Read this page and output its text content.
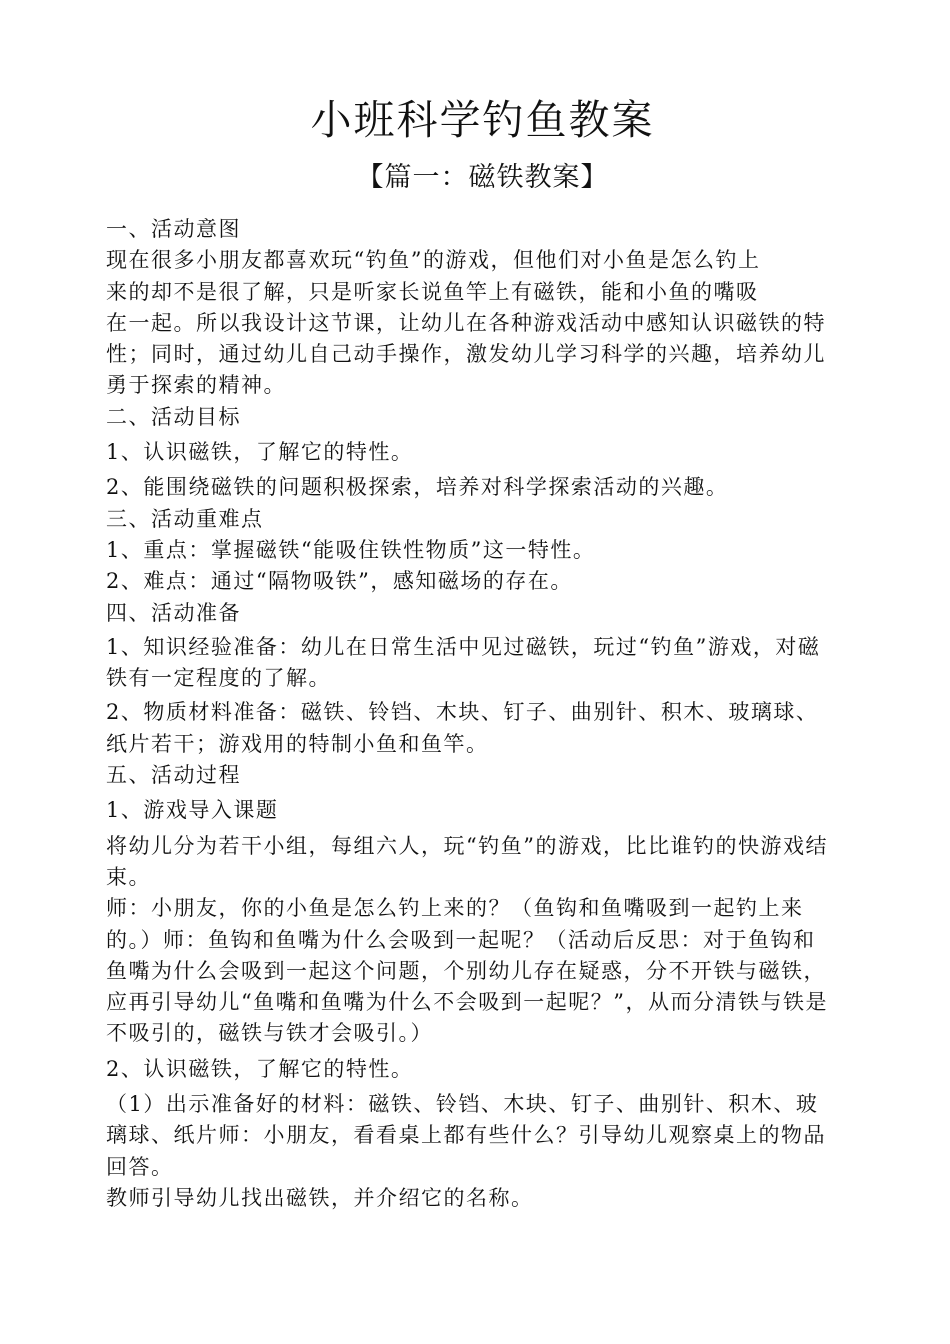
小班科学钓鱼教案
【篇一：磁铁教案】
一、活动意图
现在很多小朋友都喜欢玩“钓鱼”的游戏，但他们对小鱼是怎么钓上
来的却不是很了解，只是听家长说鱼竿上有磁铁，能和小鱼的嘴吸
在一起。所以我设计这节课，让幼儿在各种游戏活动中感知认识磁铁的特
性；同时，通过幼儿自己动手操作，激发幼儿学习科学的兴趣，培养幼儿
勇于探索的精神。
二、活动目标
1、认识磁铁，了解它的特性。
2、能围绕磁铁的问题积极探索，培养对科学探索活动的兴趣。
三、活动重难点
1、重点：掌握磁铁“能吸住铁性物质”这一特性。
2、难点：通过“隔物吸铁”，感知磁场的存在。
四、活动准备
1、知识经验准备：幼儿在日常生活中见过磁铁，玩过“钓鱼”游戏，对磁
铁有一定程度的了解。
2、物质材料准备：磁铁、铃铛、木块、钉子、曲别针、积木、玻璃球、
纸片若干；游戏用的特制小鱼和鱼竿。
五、活动过程
1、游戏导入课题
将幼儿分为若干小组，每组六人，玩“钓鱼”的游戏，比比谁钓的快游戏结
束。
师：小朋友，你的小鱼是怎么钓上来的？（鱼钩和鱼嘴吸到一起钓上来
的。）师：鱼钩和鱼嘴为什么会吸到一起呢？（活动后反思：对于鱼钩和
鱼嘴为什么会吸到一起这个问题，个别幼儿存在疑惑，分不开铁与磁铁，
应再引导幼儿“鱼嘴和鱼嘴为什么不会吸到一起呢？”，从而分清铁与铁是
不吸引的，磁铁与铁才会吸引。）
2、认识磁铁，了解它的特性。
（1）出示准备好的材料：磁铁、铃铛、木块、钉子、曲别针、积木、玻
璃球、纸片师：小朋友，看看桌上都有些什么？引导幼儿观察桌上的物品
回答。
教师引导幼儿找出磁铁，并介绍它的名称。
